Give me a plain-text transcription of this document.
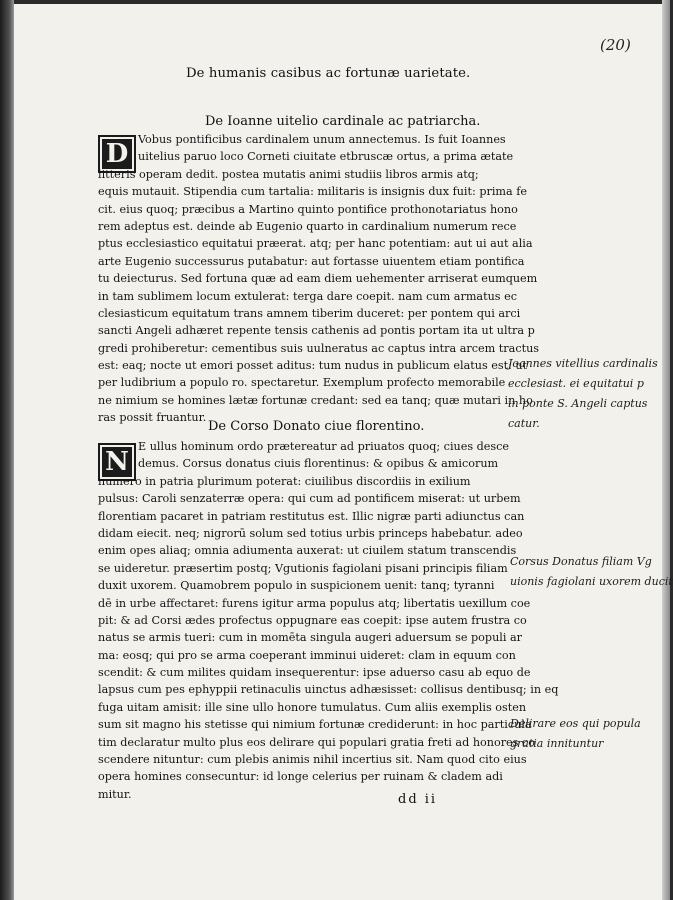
(20)
De humanis casibus ac fortunæ uarietate.
De Ioanne uitelio cardinale ac patriarcha.
D Vobus pontificibus cardinalem unum annectemus. Is fuit Ioannes
uitelius paruo loco Corneti ciuitate etbruscæ ortus, a prima ætate
litteris operam dedit. postea mutatis animi studiis libros armis atq;
equis mutauit. Stipendia cum tartalia: militaris is insignis dux fuit: prima fe
cit. eius quoq; præcibus a Martino quinto pontifice prothonotariatus hono
rem adeptus est. deinde ab Eugenio quarto in cardinalium numerum rece
ptus ecclesiastico equitatui præerat. atq; per hanc potentiam: aut ui aut alia
arte Eugenio successurus putabatur: aut fortasse uiuentem etiam pontifica
tu deiecturus. Sed fortuna quæ ad eam diem uehementer arriserat eumquem
in tam sublimem locum extulerat: terga dare coepit. nam cum armatus ec
clesiasticum equitatum trans amnem tiberim duceret: per pontem qui arci
sancti Angeli adhæret repente tensis cathenis ad pontis portam ita ut ultra p
gredi prohiberetur: cementibus suis uulneratus ac captus intra arcem tractus
est: eaq; nocte ut emori posset aditus: tum nudus in publicum elatus est: ut
per ludibrium a populo ro. spectaretur. Exemplum profecto memorabile
ne nimium se homines lætæ fortunæ credant: sed ea tanq; quæ mutari in ho
ras possit fruantur.
De Corso Donato ciue florentino.
N
E ullus hominum ordo prætereatur ad priuatos quoq; ciues desce
demus. Corsus donatus ciuis florentinus: & opibus & amicorum
numero in patria plurimum poterat: ciuilibus discordiis in exilium
pulsus: Caroli senzaterræ opera: qui cum ad pontificem miserat: ut urbem
florentiam pacaret in patriam restitutus est. Illic nigræ parti adiunctus can
didam eiecit. neq; nigrorū solum sed totius urbis princeps habebatur. adeo
enim opes aliaq; omnia adiumenta auxerat: ut ciuilem statum transcendis
se uideretur. præsertim postq; Vgutionis fagiolani pisani principis filiam
duxit uxorem. Quamobrem populo in suspicionem uenit: tanq; tyranni
dē in urbe affectaret: furens igitur arma populus atq; libertatis uexillum coe
pit: & ad Corsi ædes profectus oppugnare eas coepit: ipse autem frustra co
natus se armis tueri: cum in momēta singula augeri aduersum se populi ar
ma: eosq; qui pro se arma coeperant imminui uideret: clam in equum con
scendit: & cum milites quidam insequerentur: ipse aduerso casu ab equo de
lapsus cum pes ephyppii retinaculis uinctus adhæsisset: collisus dentibusq; in eq
fuga uitam amisit: ille sine ullo honore tumulatus. Cum aliis exemplis osten
sum sit magno his stetisse qui nimium fortunæ crediderunt: in hoc particula
tim declaratur multo plus eos delirare qui populari gratia freti ad honores co
scendere nituntur: cum plebis animis nihil incertius sit. Nam quod cito eius
opera homines consecuntur: id longe celerius per ruinam & cladem adi
mitur.	dd ii
Joannes vitellius cardinalis
ecclesiast. ei equitatui p
in ponte S. Angeli captus
catur.
Corsus Donatus filiam Vg
uionis fagiolani uxorem ducit
Delirare eos qui popula
gratia innituntur
